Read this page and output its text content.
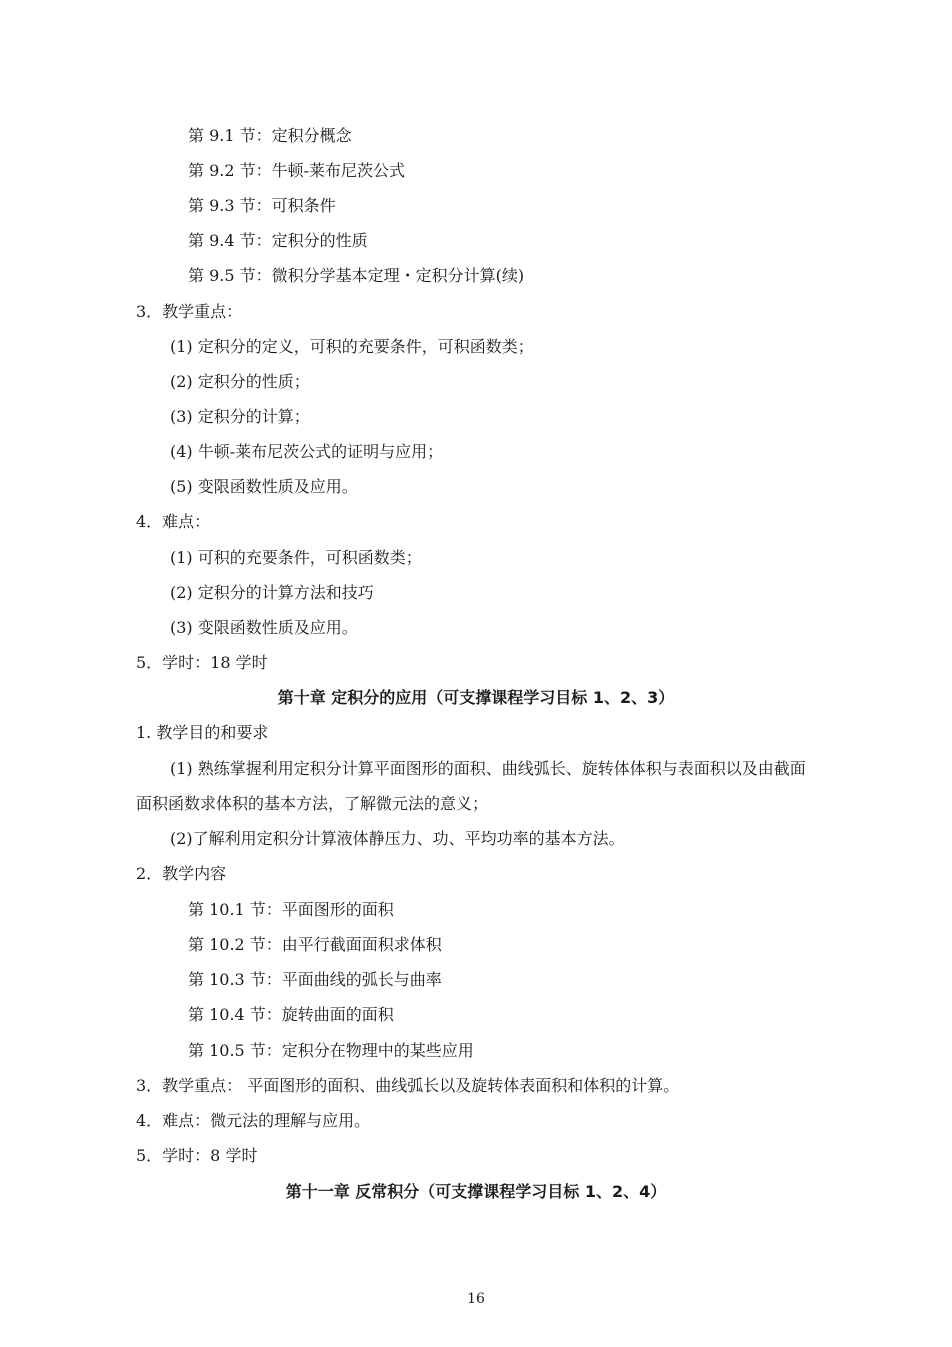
第 9.1 节：定积分概念
第 9.2 节：牛顿-莱布尼茨公式
第 9.3 节：可积条件
第 9.4 节：定积分的性质
第 9.5 节：微积分学基本定理・定积分计算(续)
3．教学重点：
(1) 定积分的定义，可积的充要条件，可积函数类；
(2) 定积分的性质；
(3) 定积分的计算；
(4) 牛顿-莱布尼茨公式的证明与应用；
(5) 变限函数性质及应用。
4．难点：
(1) 可积的充要条件，可积函数类；
(2) 定积分的计算方法和技巧
(3) 变限函数性质及应用。
5．学时：18 学时
第十章 定积分的应用（可支撑课程学习目标 1、2、3）
1. 教学目的和要求
(1) 熟练掌握利用定积分计算平面图形的面积、曲线弧长、旋转体体积与表面积以及由截面
面积函数求体积的基本方法，了解微元法的意义；
(2)了解利用定积分计算液体静压力、功、平均功率的基本方法。
2．教学内容
第 10.1 节：平面图形的面积
第 10.2 节：由平行截面面积求体积
第 10.3 节：平面曲线的弧长与曲率
第 10.4 节：旋转曲面的面积
第 10.5 节：定积分在物理中的某些应用
3．教学重点： 平面图形的面积、曲线弧长以及旋转体表面积和体积的计算。
4．难点：微元法的理解与应用。
5．学时：8 学时
第十一章 反常积分（可支撑课程学习目标 1、2、4）
16
